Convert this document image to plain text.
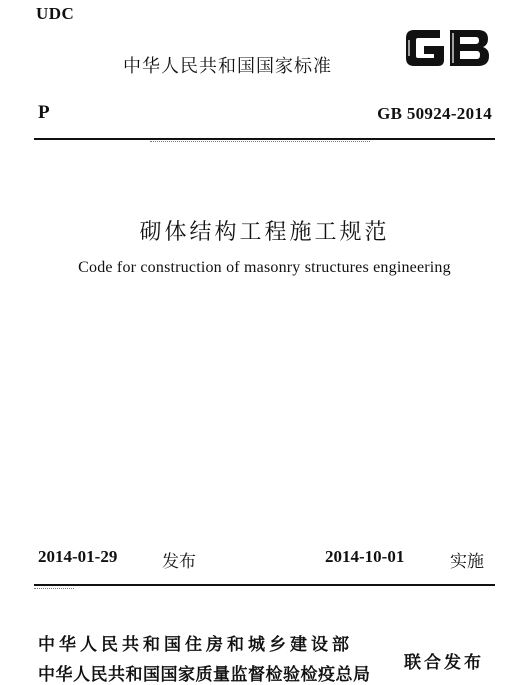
UDC
中华人民共和国国家标准
P	GB 50924-2014
砌体结构工程施工规范
Code for construction of masonry structures engineering
2014-01-29	发布	2014-10-01	实施
中华人民共和国住房和城乡建设部
中华人民共和国国家质量监督检验检疫总局
联合发布
